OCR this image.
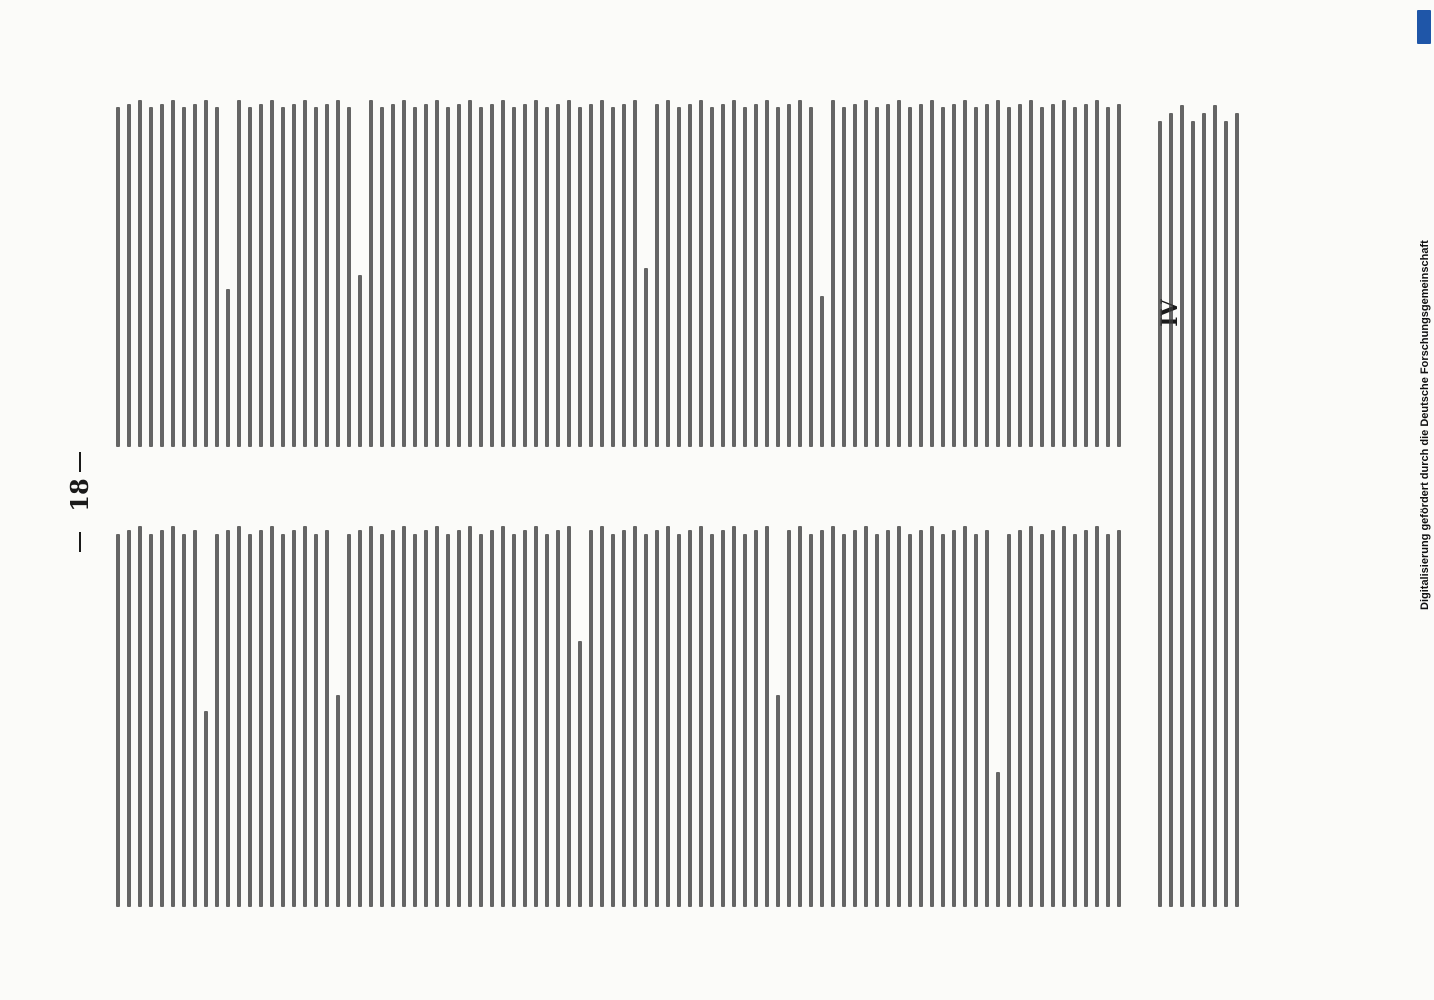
18	Digitalisierung gefördert durch die Deutsche Forschungsgemeinschaft
